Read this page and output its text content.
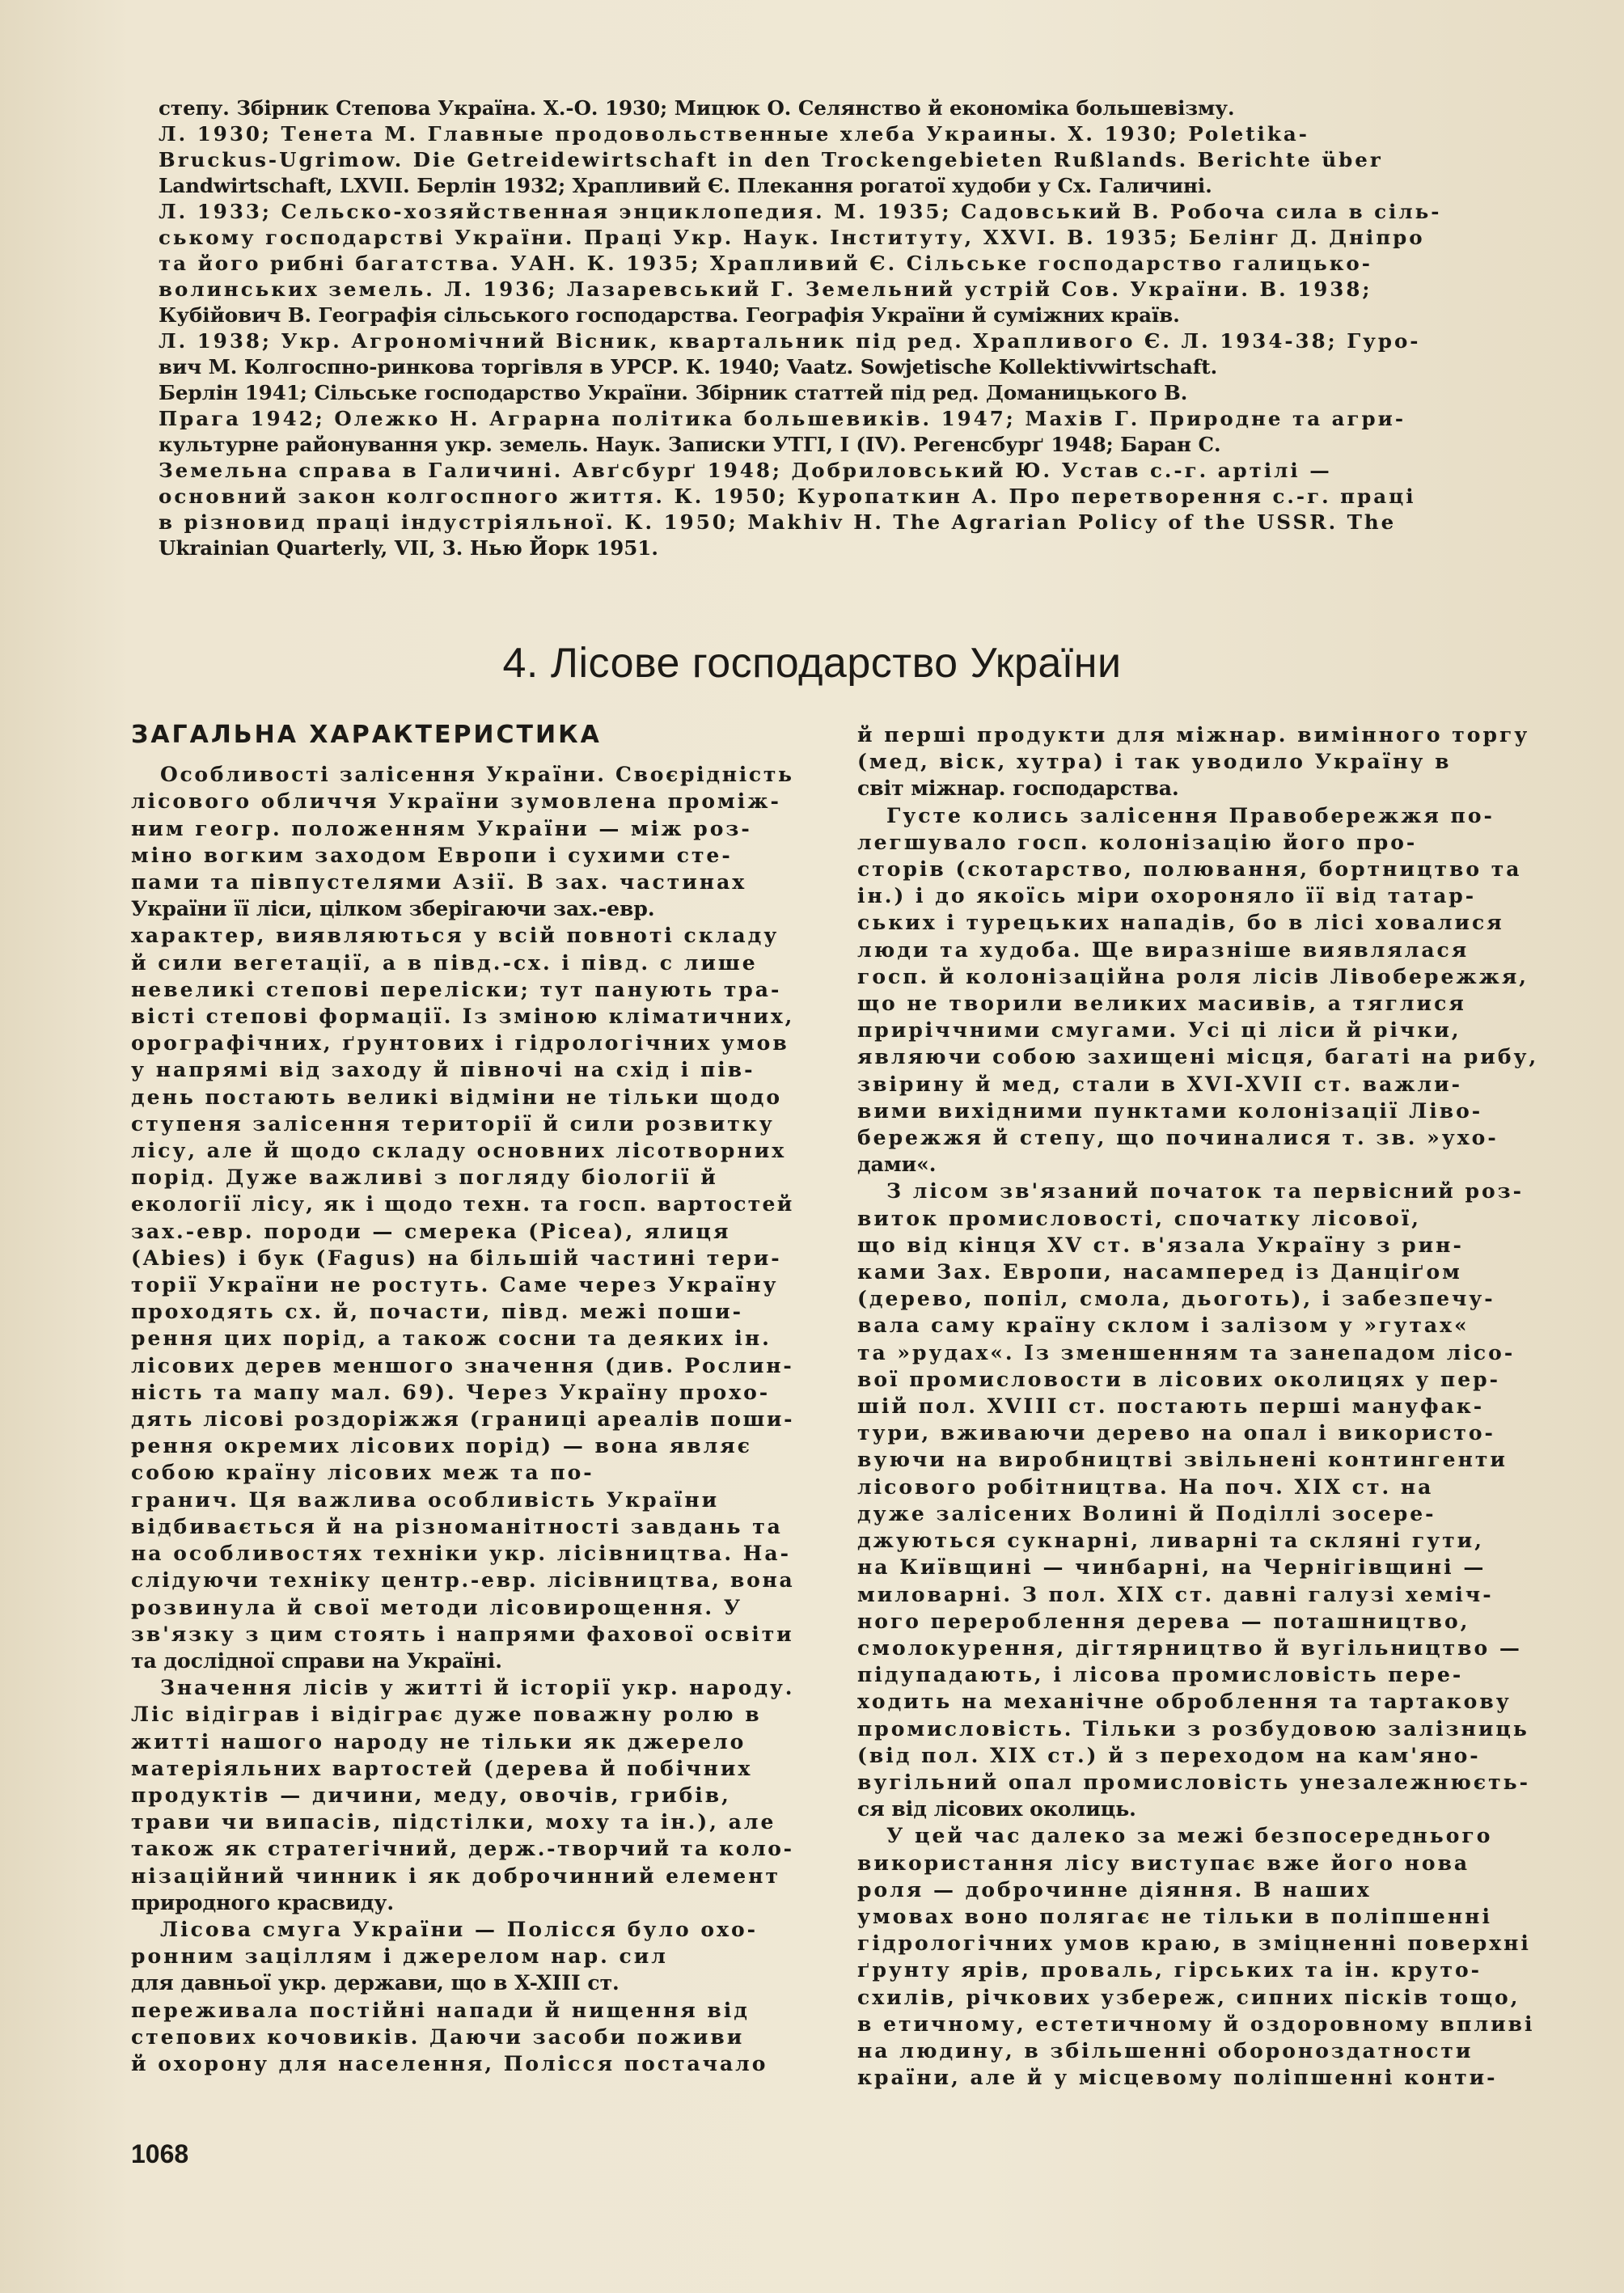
степу. Збірник Степова Україна. Х.-О. 1930; Мицюк О. Селянство й економіка большевізму.
Л. 1930; Тенета М. Главные продовольственные хлеба Украины. Х. 1930; Poletika-
Bruckus-Ugrimow. Die Getreidewirtschaft in den Trockengebieten Rußlands. Berichte über
Landwirtschaft, LXVII. Берлін 1932; Храпливий Є. Плекання рогатої худоби у Сх. Галичині.
Л. 1933; Сельско-хозяйственная энциклопедия. М. 1935; Садовський В. Робоча сила в сіль-
ському господарстві України. Праці Укр. Наук. Інституту, XXVI. В. 1935; Белінг Д. Дніпро
та його рибні багатства. УАН. К. 1935; Храпливий Є. Сільське господарство галицько-
волинських земель. Л. 1936; Лазаревський Г. Земельний устрій Сов. України. В. 1938;
Кубійович В. Географія сільського господарства. Географія України й суміжних країв.
Л. 1938; Укр. Агрономічний Вісник, квартальник під ред. Храпливого Є. Л. 1934-38; Гуро-
вич М. Колгоспно-ринкова торгівля в УРСР. К. 1940; Vaatz. Sowjetische Kollektivwirtschaft.
Берлін 1941; Сільське господарство України. Збірник статтей під ред. Доманицького В.
Прага 1942; Олежко Н. Аграрна політика большевиків. 1947; Махів Г. Природне та агри-
культурне районування укр. земель. Наук. Записки УТГІ, І (IV). Регенсбурґ 1948; Баран С.
Земельна справа в Галичині. Авґсбурґ 1948; Добриловський Ю. Устав с.-г. артілі —
основний закон колгоспного життя. К. 1950; Куропаткин А. Про перетворення с.-г. праці
в різновид праці індустріяльної. К. 1950; Makhiv H. The Agrarian Policy of the USSR. The
Ukrainian Quarterly, VII, 3. Нью Йорк 1951.
4. Лісове господарство України
ЗАГАЛЬНА ХАРАКТЕРИСТИКА
Особливості залісення України. Своєрідність
лісового обличчя України зумовлена проміж-
ним геогр. положенням України — між роз-
міно вогким заходом Европи і сухими сте-
пами та півпустелями Азії. В зах. частинах
України її ліси, цілком зберігаючи зах.-евр.
характер, виявляються у всій повноті складу
й сили вегетації, а в півд.-сх. і півд. с лише
невеликі степові переліски; тут панують тра-
вісті степові формації. Із зміною кліматичних,
орографічних, ґрунтових і гідрологічних умов
у напрямі від заходу й півночі на схід і пів-
день постають великі відміни не тільки щодо
ступеня залісення території й сили розвитку
лісу, але й щодо складу основних лісотворних
порід. Дуже важливі з погляду біології й
екології лісу, як і щодо техн. та госп. вартостей
зах.-евр. породи — смерека (Picea), ялиця
(Abies) і бук (Fagus) на більшій частині тери-
торії України не ростуть. Саме через Україну
проходять сх. й, почасти, півд. межі поши-
рення цих порід, а також сосни та деяких ін.
лісових дерев меншого значення (див. Рослин-
ність та мапу мал. 69). Через Україну прохо-
дять лісові роздоріжжя (границі ареалів поши-
рення окремих лісових порід) — вона являє
собою країну лісових меж та по-
гранич. Ця важлива особливість України
відбивається й на різноманітності завдань та
на особливостях техніки укр. лісівництва. На-
слідуючи техніку центр.-евр. лісівництва, вона
розвинула й свої методи лісовирощення. У
зв'язку з цим стоять і напрями фахової освіти
та дослідної справи на Україні.
Значення лісів у житті й історії укр. народу.
Ліс відіграв і відіграє дуже поважну ролю в
житті нашого народу не тільки як джерело
матеріяльних вартостей (дерева й побічних
продуктів — дичини, меду, овочів, грибів,
трави чи випасів, підстілки, моху та ін.), але
також як стратегічний, держ.-творчий та коло-
нізаційний чинник і як доброчинний елемент
природного красвиду.
Лісова смуга України — Полісся було охо-
ронним заціллям і джерелом нар. сил
для давньої укр. держави, що в X-XIII ст.
переживала постійні напади й нищення від
степових кочовиків. Даючи засоби поживи
й охорону для населення, Полісся постачало
й перші продукти для міжнар. вимінного торгу
(мед, віск, хутра) і так уводило Україну в
світ міжнар. господарства.
Густе колись залісення Правобережжя по-
легшувало госп. колонізацію його про-
сторів (скотарство, полювання, бортництво та
ін.) і до якоїсь міри охороняло її від татар-
ських і турецьких нападів, бо в лісі ховалися
люди та худоба. Ще виразніше виявлялася
госп. й колонізаційна роля лісів Лівобережжя,
що не творили великих масивів, а тяглися
приріччними смугами. Усі ці ліси й річки,
являючи собою захищені місця, багаті на рибу,
звірину й мед, стали в XVI-XVII ст. важли-
вими вихідними пунктами колонізації Ліво-
бережжя й степу, що починалися т. зв. »ухо-
дами«.
З лісом зв'язаний початок та первісний роз-
виток промисловості, спочатку лісової,
що від кінця XV ст. в'язала Україну з рин-
ками Зах. Европи, насамперед із Данціґом
(дерево, попіл, смола, дьоготь), і забезпечу-
вала саму країну склом і залізом у »гутах«
та »рудах«. Із зменшенням та занепадом лісо-
вої промисловости в лісових околицях у пер-
шій пол. XVIII ст. постають перші мануфак-
тури, вживаючи дерево на опал і використо-
вуючи на виробництві звільнені контингенти
лісового робітництва. На поч. XIX ст. на
дуже залісених Волині й Поділлі зосере-
джуються сукнарні, ливарні та скляні гути,
на Київщині — чинбарні, на Чернігівщині —
миловарні. З пол. XIX ст. давні галузі хеміч-
ного перероблення дерева — поташництво,
смолокурення, дігтярництво й вугільництво —
підупадають, і лісова промисловість пере-
ходить на механічне оброблення та тартакову
промисловість. Тільки з розбудовою залізниць
(від пол. XIX ст.) й з переходом на кам'яно-
вугільний опал промисловість унезалежнюєть-
ся від лісових околиць.
У цей час далеко за межі безпосереднього
використання лісу виступає вже його нова
роля — доброчинне діяння. В наших
умовах воно полягає не тільки в поліпшенні
гідрологічних умов краю, в зміцненні поверхні
ґрунту ярів, проваль, гірських та ін. круто-
схилів, річкових узбереж, сипних пісків тощо,
в етичному, естетичному й оздоровному впливі
на людину, в збільшенні обороноздатности
країни, але й у місцевому поліпшенні конти-
1068
